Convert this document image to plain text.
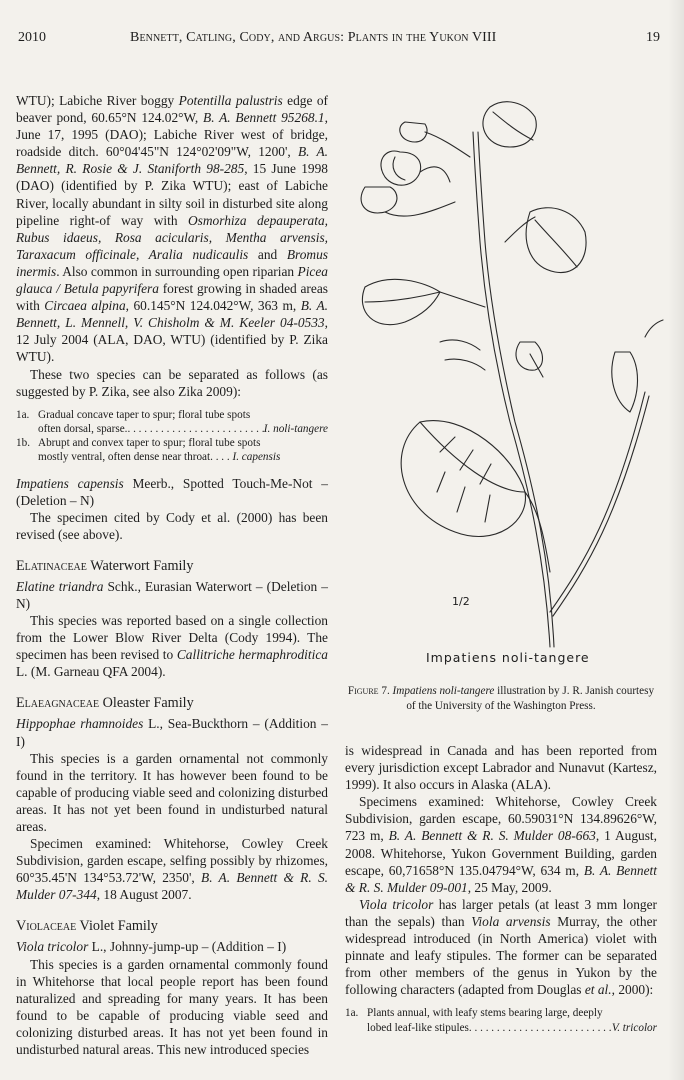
2010	Bennett, Catling, Cody, and Argus: Plants in the Yukon VIII	19

WTU); Labiche River boggy Potentilla palustris edge of beaver pond, 60.65°N 124.02°W, B. A. Bennett 95268.1, June 17, 1995 (DAO); Labiche River west of bridge, roadside ditch. 60°04'45"N 124°02'09"W, 1200', B. A. Bennett, R. Rosie & J. Staniforth 98-285, 15 June 1998 (DAO) (identified by P. Zika WTU); east of Labiche River, locally abundant in silty soil in disturbed site along pipeline right-of way with Osmorhiza depauperata, Rubus idaeus, Rosa acicularis, Mentha arvensis, Taraxacum officinale, Aralia nudicaulis and Bromus inermis. Also common in surrounding open riparian Picea glauca / Betula papyrifera forest growing in shaded areas with Circaea alpina, 60.145°N 124.042°W, 363 m, B. A. Bennett, L. Mennell, V. Chisholm & M. Keeler 04-0533, 12 July 2004 (ALA, DAO, WTU) (identified by P. Zika WTU).

These two species can be separated as follows (as suggested by P. Zika, see also Zika 2009):

1a. Gradual concave taper to spur; floral tube spots
often dorsal, sparse. . . .	I. noli-tangere
1b. Abrupt and convex taper to spur; floral tube spots
mostly ventral, often dense near throat. . . . I. capensis

Impatiens capensis Meerb., Spotted Touch-Me-Not – (Deletion – N)

The specimen cited by Cody et al. (2000) has been revised (see above).

Elatinaceae Waterwort Family

Elatine triandra Schk., Eurasian Waterwort – (Deletion – N)

This species was reported based on a single collection from the Lower Blow River Delta (Cody 1994). The specimen has been revised to Callitriche hermaphroditica L. (M. Garneau QFA 2004).

Elaeagnaceae Oleaster Family

Hippophae rhamnoides L., Sea-Buckthorn – (Addition – I)

This species is a garden ornamental not commonly found in the territory. It has however been found to be capable of producing viable seed and colonizing disturbed areas. It has not yet been found in undisturbed natural areas.

Specimen examined: Whitehorse, Cowley Creek Subdivision, garden escape, selfing possibly by rhizomes, 60°35.45'N 134°53.72'W, 2350', B. A. Bennett & R. S. Mulder 07-344, 18 August 2007.

Violaceae Violet Family

Viola tricolor L., Johnny-jump-up – (Addition – I)

This species is a garden ornamental commonly found in Whitehorse that local people report has been found naturalized and spreading for many years. It has been found to be capable of producing viable seed and colonizing disturbed areas. It has not yet been found in undisturbed natural areas. This new introduced species

1/2
Impatiens noli-tangere
Figure 7. Impatiens noli-tangere illustration by J. R. Janish courtesy of the University of the Washington Press.

is widespread in Canada and has been reported from every jurisdiction except Labrador and Nunavut (Kartesz, 1999). It also occurs in Alaska (ALA).

Specimens examined: Whitehorse, Cowley Creek Subdivision, garden escape, 60.59031°N 134.89626°W, 723 m, B. A. Bennett & R. S. Mulder 08-663, 1 August, 2008. Whitehorse, Yukon Government Building, garden escape, 60,71658°N 135.04794°W, 634 m, B. A. Bennett & R. S. Mulder 09-001, 25 May, 2009.

Viola tricolor has larger petals (at least 3 mm longer than the sepals) than Viola arvensis Murray, the other widespread introduced (in North America) violet with pinnate and leafy stipules. The former can be separated from other members of the genus in Yukon by the following characters (adapted from Douglas et al., 2000):

1a. Plants annual, with leafy stems bearing large, deeply
lobed leaf-like stipules . . .	V. tricolor
